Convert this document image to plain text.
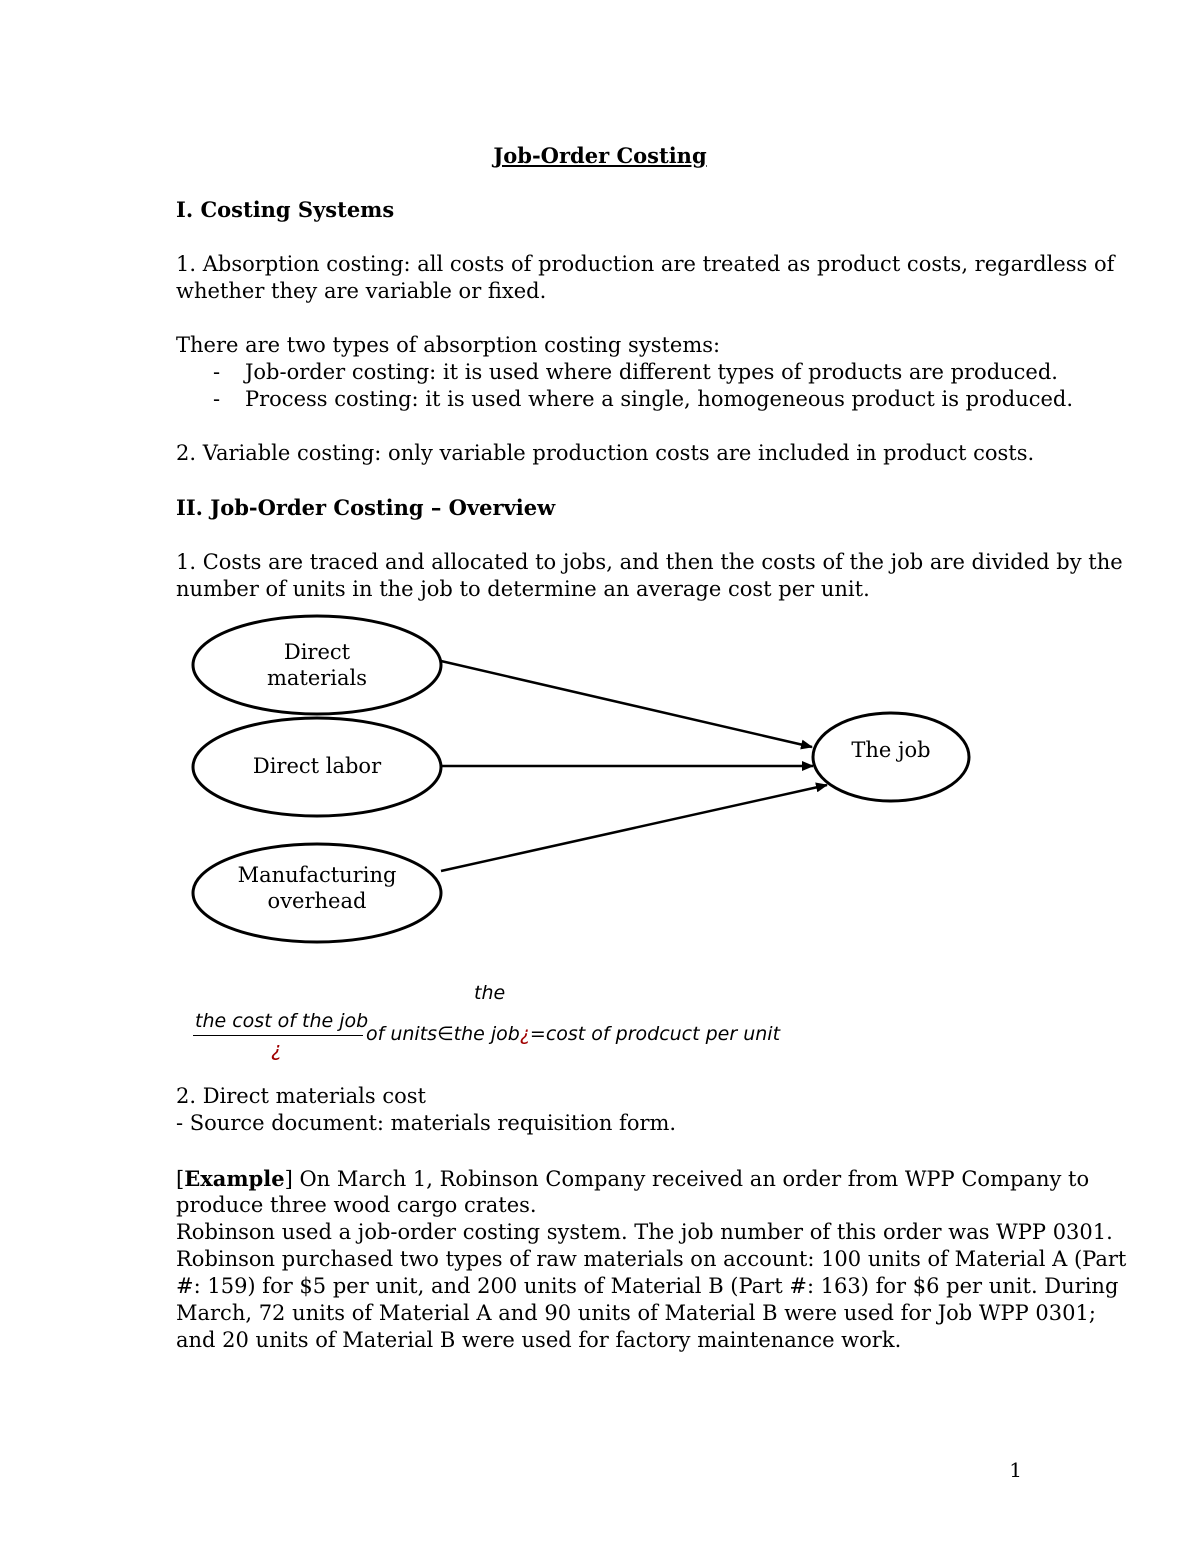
Job-Order Costing
I. Costing Systems
1. Absorption costing: all costs of production are treated as product costs, regardless of
whether they are variable or fixed.
There are two types of absorption costing systems:
- Job-order costing: it is used where different types of products are produced.
- Process costing: it is used where a single, homogeneous product is produced.
2. Variable costing: only variable production costs are included in product costs.
II. Job-Order Costing – Overview
1. Costs are traced and allocated to jobs, and then the costs of the job are divided by the
number of units in the job to determine an average cost per unit.
Direct
materials
Direct labor
Manufacturing
overhead
The job
the
the cost of the job
¿
of units∈the job¿=cost of prodcuct per unit
2. Direct materials cost
- Source document: materials requisition form.
[Example] On March 1, Robinson Company received an order from WPP Company to
produce three wood cargo crates.
Robinson used a job-order costing system. The job number of this order was WPP 0301.
Robinson purchased two types of raw materials on account: 100 units of Material A (Part
#: 159) for $5 per unit, and 200 units of Material B (Part #: 163) for $6 per unit. During
March, 72 units of Material A and 90 units of Material B were used for Job WPP 0301;
and 20 units of Material B were used for factory maintenance work.
1
